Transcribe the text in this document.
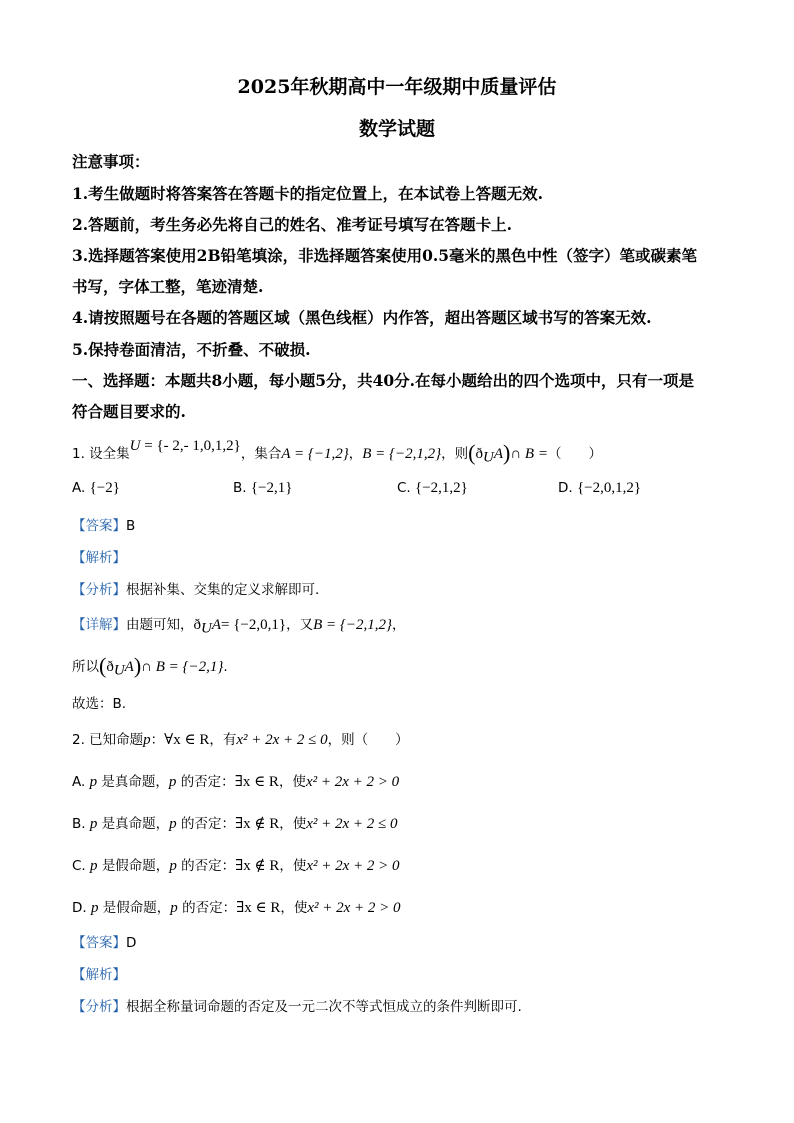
2025年秋期高中一年级期中质量评估
数学试题
注意事项：
1.考生做题时将答案答在答题卡的指定位置上，在本试卷上答题无效.
2.答题前，考生务必先将自己的姓名、准考证号填写在答题卡上.
3.选择题答案使用2B铅笔填涂，非选择题答案使用0.5毫米的黑色中性（签字）笔或碳素笔
书写，字体工整，笔迹清楚.
4.请按照题号在各题的答题区域（黑色线框）内作答，超出答题区域书写的答案无效.
5.保持卷面清洁，不折叠、不破损.
一、选择题：本题共8小题，每小题5分，共40分.在每小题给出的四个选项中，只有一项是
符合题目要求的.
1. 设全集U = {- 2,- 1,0,1,2}，集合A = {−1,2}，B = {−2,1,2}，则$(ð_UA)\cap$ B =（　　）
A. {−2}	B. {−2,1}	C. {−2,1,2}	D. {−2,0,1,2}
【答案】B
【解析】
【分析】根据补集、交集的定义求解即可.
【详解】由题可知，$ð_UA= \{-2,0,1\}$，又B = {−2,1,2}，
所以$(ð_UA)\cap$ B = {−2,1}.
故选：B.
2. 已知命题p：∀x ∈ R，有x² + 2x + 2 ≤ 0，则（　　）
A. p 是真命题，p 的否定：∃x ∈ R，使x² + 2x + 2 > 0
B. p 是真命题，p 的否定：∃x ∉ R，使x² + 2x + 2 ≤ 0
C. p 是假命题，p 的否定：∃x ∉ R，使x² + 2x + 2 > 0
D. p 是假命题，p 的否定：∃x ∈ R，使x² + 2x + 2 > 0
【答案】D
【解析】
【分析】根据全称量词命题的否定及一元二次不等式恒成立的条件判断即可.
